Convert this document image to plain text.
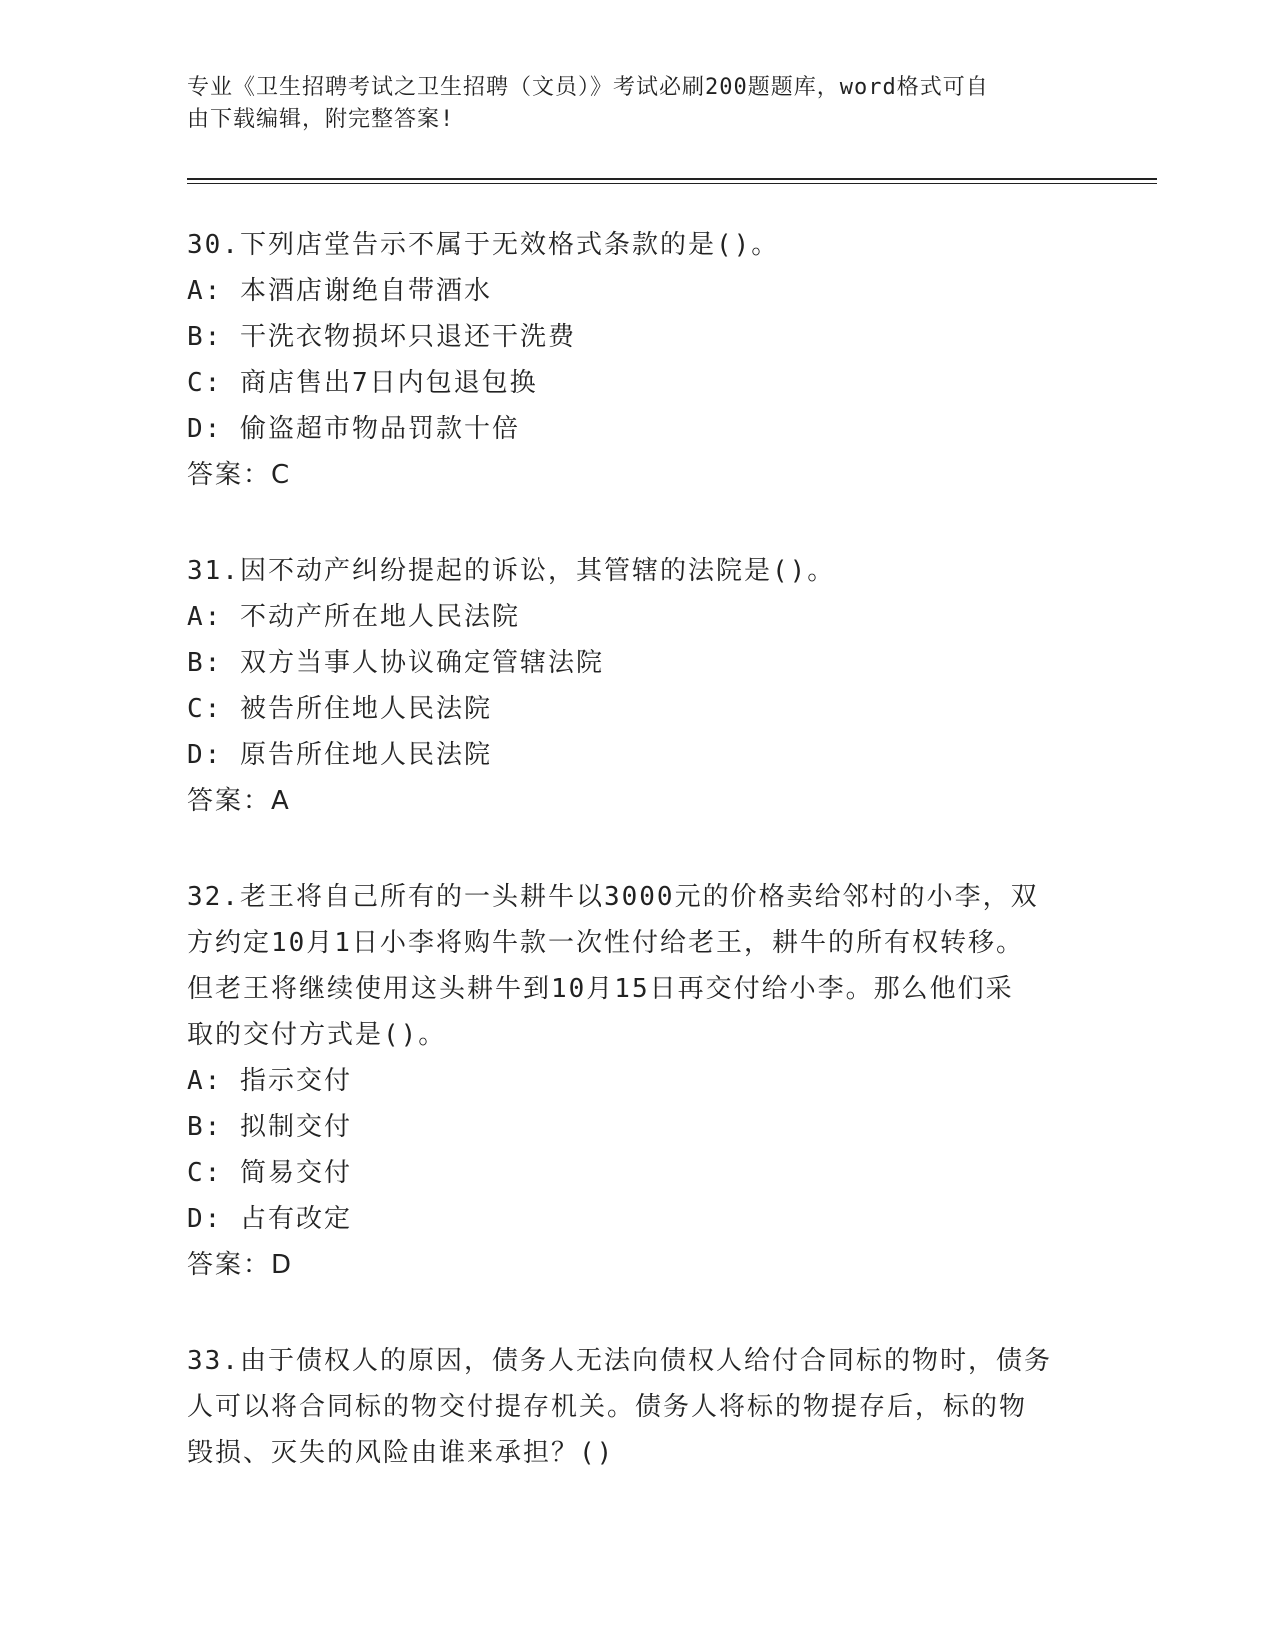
专业《卫生招聘考试之卫生招聘（文员）》考试必刷200题题库，word格式可自

由下载编辑，附完整答案!

30.下列店堂告示不属于无效格式条款的是()。
A: 本酒店谢绝自带酒水
B: 干洗衣物损坏只退还干洗费
C: 商店售出7日内包退包换
D: 偷盗超市物品罚款十倍
答案：C
31.因不动产纠纷提起的诉讼，其管辖的法院是()。
A: 不动产所在地人民法院
B: 双方当事人协议确定管辖法院
C: 被告所住地人民法院
D: 原告所住地人民法院
答案：A
32.老王将自己所有的一头耕牛以3000元的价格卖给邻村的小李，双
方约定10月1日小李将购牛款一次性付给老王，耕牛的所有权转移。
但老王将继续使用这头耕牛到10月15日再交付给小李。那么他们采
取的交付方式是()。
A: 指示交付
B: 拟制交付
C: 简易交付
D: 占有改定
答案：D
33.由于债权人的原因，债务人无法向债权人给付合同标的物时，债务
人可以将合同标的物交付提存机关。债务人将标的物提存后，标的物
毁损、灭失的风险由谁来承担？()
